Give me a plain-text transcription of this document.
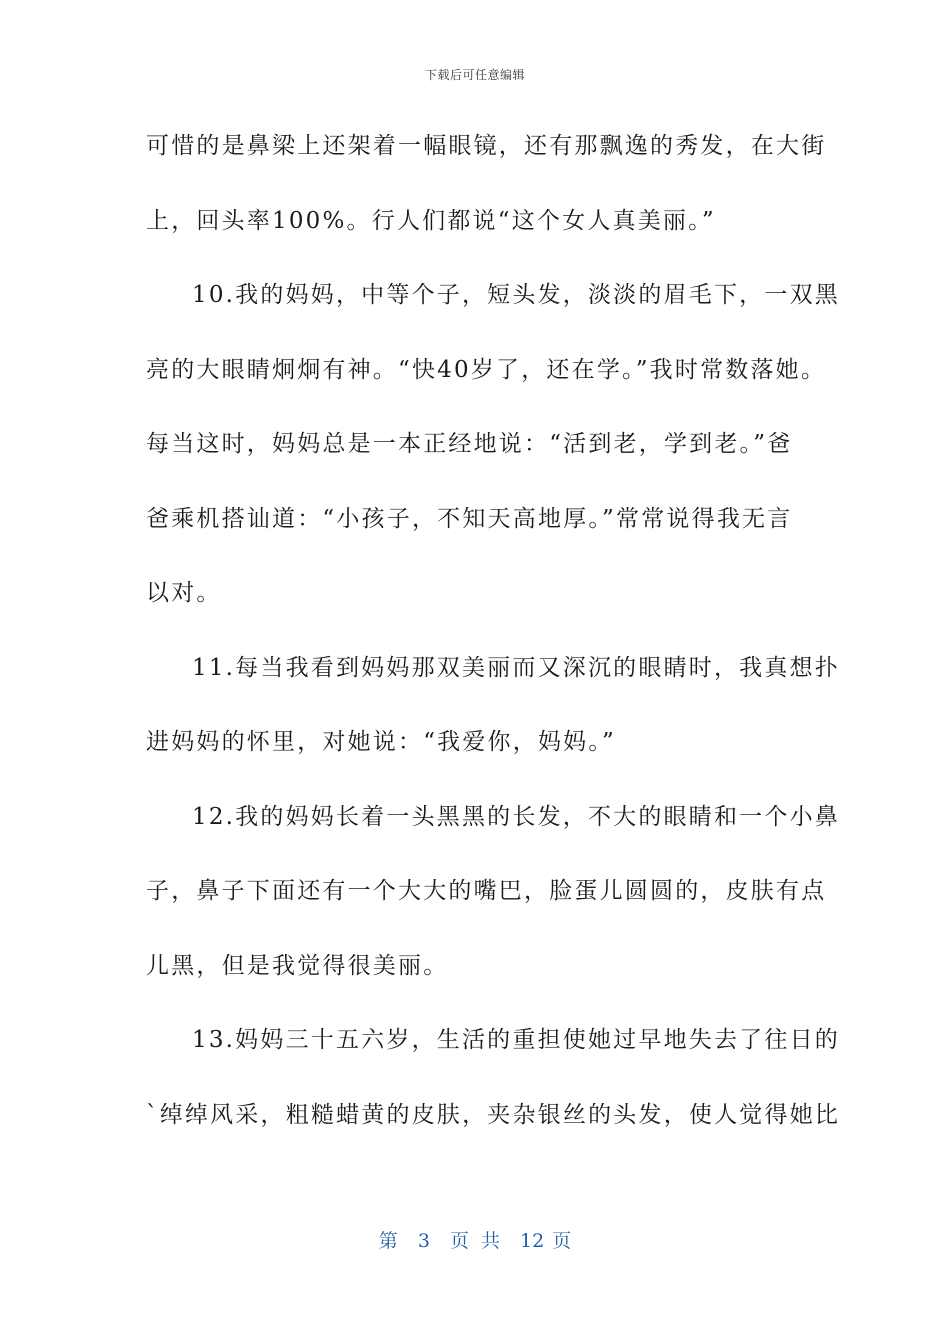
下载后可任意编辑
可惜的是鼻梁上还架着一幅眼镜，还有那飘逸的秀发，在大街
上，回头率100%。行人们都说“这个女人真美丽。”
10.我的妈妈，中等个子，短头发，淡淡的眉毛下，一双黑
亮的大眼睛炯炯有神。“快40岁了，还在学。”我时常数落她。
每当这时，妈妈总是一本正经地说：“活到老，学到老。”爸
爸乘机搭讪道：“小孩子，不知天高地厚。”常常说得我无言
以对。
11.每当我看到妈妈那双美丽而又深沉的眼睛时，我真想扑
进妈妈的怀里，对她说：“我爱你，妈妈。”
12.我的妈妈长着一头黑黑的长发，不大的眼睛和一个小鼻
子，鼻子下面还有一个大大的嘴巴，脸蛋儿圆圆的，皮肤有点
儿黑，但是我觉得很美丽。
13.妈妈三十五六岁，生活的重担使她过早地失去了往日的
`绰绰风采，粗糙蜡黄的皮肤，夹杂银丝的头发，使人觉得她比
第 3 页 共 12 页
